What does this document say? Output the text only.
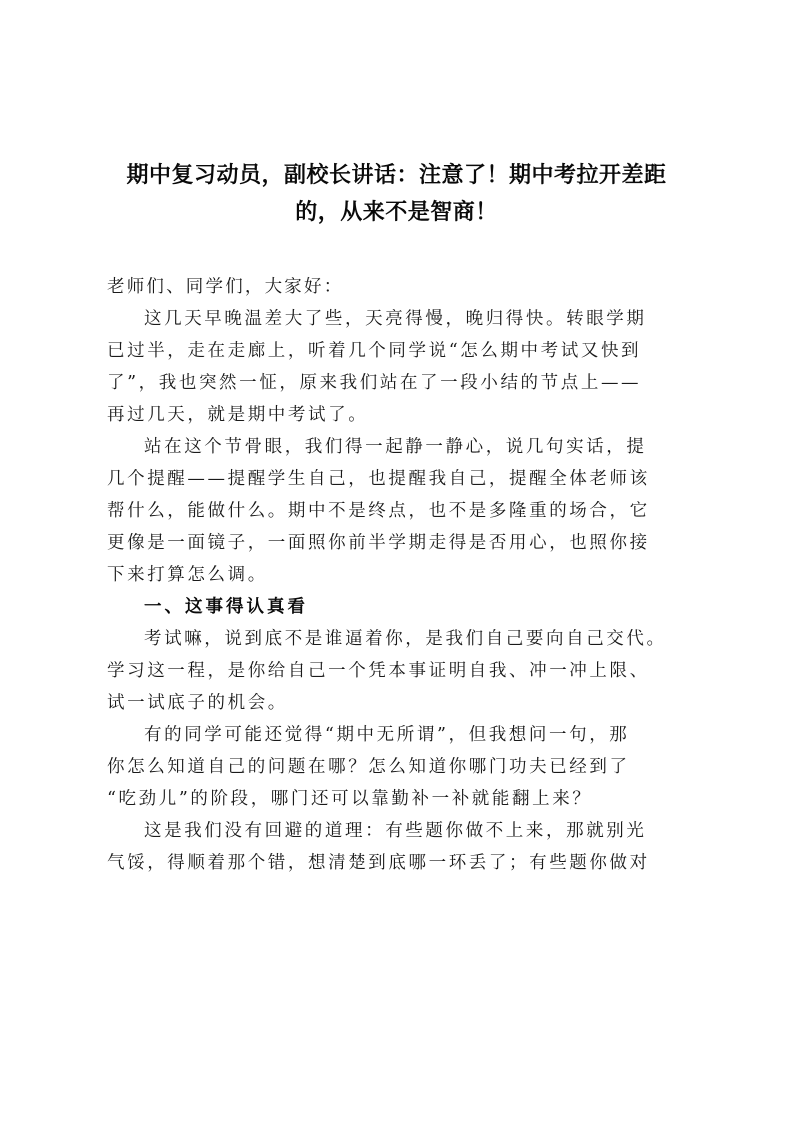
期中复习动员，副校长讲话：注意了！期中考拉开差距
的，从来不是智商！
老师们、同学们，大家好：
这几天早晚温差大了些，天亮得慢，晚归得快。转眼学期
已过半，走在走廊上，听着几个同学说“怎么期中考试又快到
了”，我也突然一怔，原来我们站在了一段小结的节点上——
再过几天，就是期中考试了。
站在这个节骨眼，我们得一起静一静心，说几句实话，提
几个提醒——提醒学生自己，也提醒我自己，提醒全体老师该
帮什么，能做什么。期中不是终点，也不是多隆重的场合，它
更像是一面镜子，一面照你前半学期走得是否用心，也照你接
下来打算怎么调。
一、这事得认真看
考试嘛，说到底不是谁逼着你，是我们自己要向自己交代。
学习这一程，是你给自己一个凭本事证明自我、冲一冲上限、
试一试底子的机会。
有的同学可能还觉得“期中无所谓”，但我想问一句，那
你怎么知道自己的问题在哪？怎么知道你哪门功夫已经到了
“吃劲儿”的阶段，哪门还可以靠勤补一补就能翻上来？
这是我们没有回避的道理：有些题你做不上来，那就别光
气馁，得顺着那个错，想清楚到底哪一环丢了；有些题你做对
